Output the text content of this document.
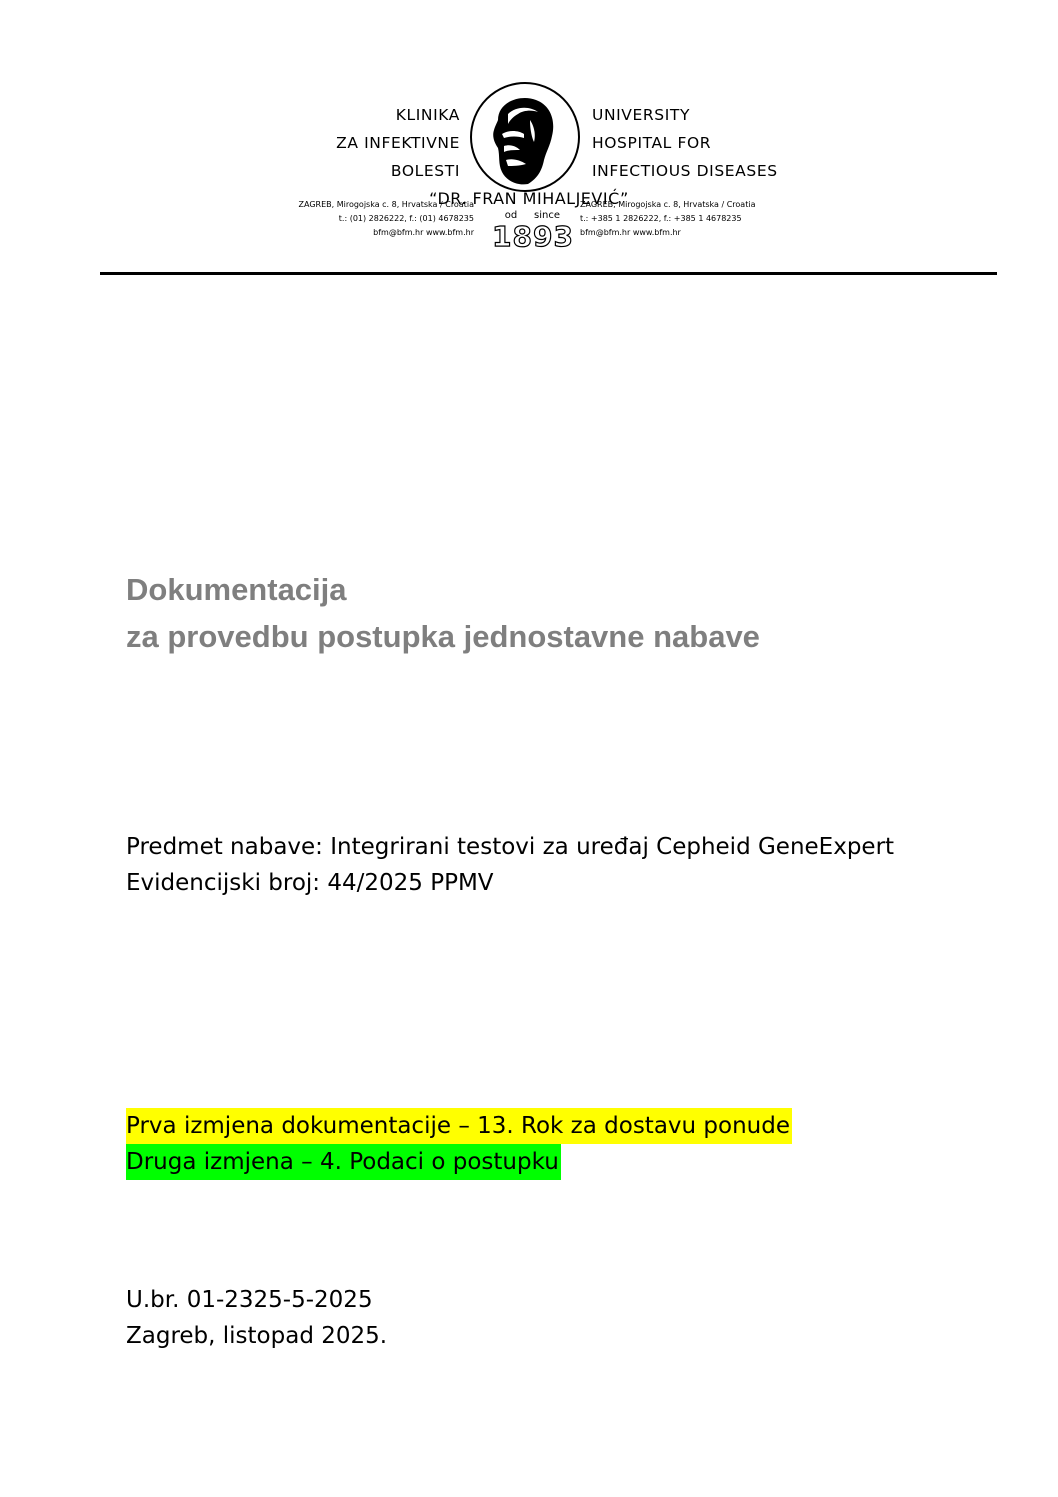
KLINIKA
ZA INFEKTIVNE
BOLESTI
UNIVERSITY
HOSPITAL FOR
INFECTIOUS DISEASES
“DR. FRAN MIHALJEVIĆ”
ZAGREB, Mirogojska c. 8, Hrvatska / Croatia
t.: (01) 2826222, f.: (01) 4678235
bfm@bfm.hr www.bfm.hr
od since
1893
ZAGREB, Mirogojska c. 8, Hrvatska / Croatia
t.: +385 1 2826222, f.: +385 1 4678235
bfm@bfm.hr www.bfm.hr
Dokumentacija
za provedbu postupka jednostavne nabave
Predmet nabave: Integrirani testovi za uređaj Cepheid GeneExpert
Evidencijski broj: 44/2025 PPMV
Prva izmjena dokumentacije – 13. Rok za dostavu ponude
Druga izmjena – 4. Podaci o postupku
U.br. 01-2325-5-2025
Zagreb, listopad 2025.
